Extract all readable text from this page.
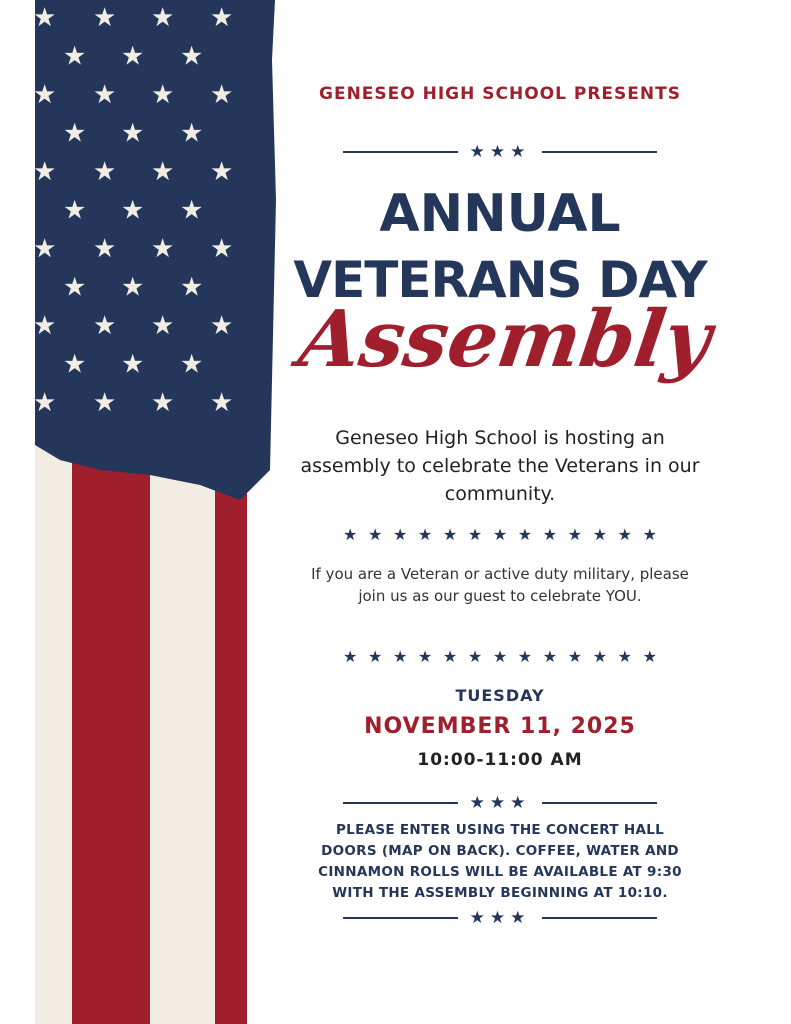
★ ★ ★ ★
★ ★ ★
★ ★ ★ ★
★ ★ ★
★ ★ ★ ★
★ ★ ★
★ ★ ★ ★
★ ★ ★
★ ★ ★ ★
★ ★ ★
★ ★ ★ ★
GENESEO HIGH SCHOOL PRESENTS
★★★
ANNUAL
VETERANS DAY
Assembly
Geneseo High School is hosting an assembly to celebrate the Veterans in our community.
★ ★ ★ ★ ★ ★ ★ ★ ★ ★ ★ ★ ★
If you are a Veteran or active duty military, please join us as our guest to celebrate YOU.
★ ★ ★ ★ ★ ★ ★ ★ ★ ★ ★ ★ ★
TUESDAY
NOVEMBER 11, 2025
10:00-11:00 AM
★★★
PLEASE ENTER USING THE CONCERT HALL DOORS (MAP ON BACK). COFFEE, WATER AND CINNAMON ROLLS WILL BE AVAILABLE AT 9:30 WITH THE ASSEMBLY BEGINNING AT 10:10.
★★★
